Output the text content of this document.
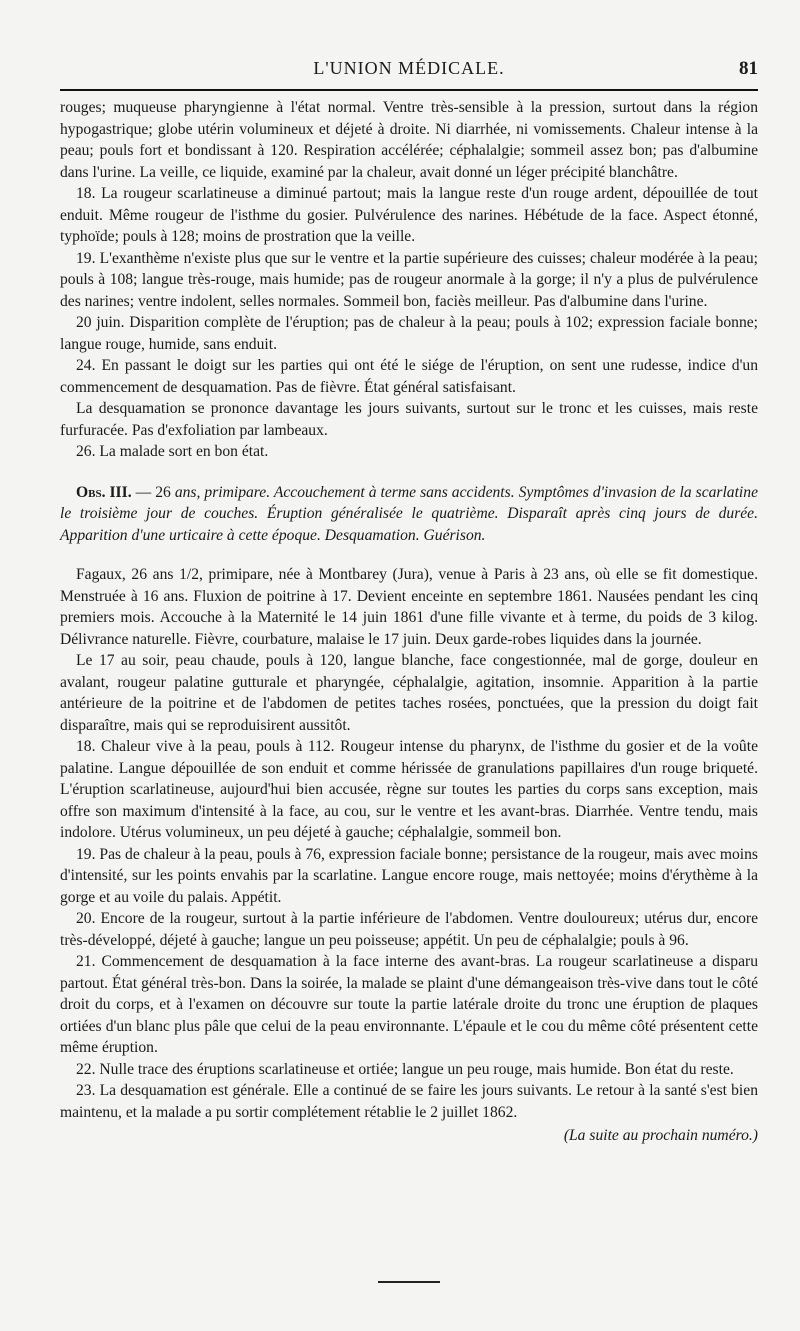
L'UNION MÉDICALE.	81

rouges; muqueuse pharyngienne à l'état normal. Ventre très-sensible à la pression, surtout dans la région hypogastrique; globe utérin volumineux et déjeté à droite. Ni diarrhée, ni vomissements. Chaleur intense à la peau; pouls fort et bondissant à 120. Respiration accélérée; céphalalgie; sommeil assez bon; pas d'albumine dans l'urine. La veille, ce liquide, examiné par la chaleur, avait donné un léger précipité blanchâtre.

18. La rougeur scarlatineuse a diminué partout; mais la langue reste d'un rouge ardent, dépouillée de tout enduit. Même rougeur de l'isthme du gosier. Pulvérulence des narines. Hébétude de la face. Aspect étonné, typhoïde; pouls à 128; moins de prostration que la veille.

19. L'exanthème n'existe plus que sur le ventre et la partie supérieure des cuisses; chaleur modérée à la peau; pouls à 108; langue très-rouge, mais humide; pas de rougeur anormale à la gorge; il n'y a plus de pulvérulence des narines; ventre indolent, selles normales. Sommeil bon, faciès meilleur. Pas d'albumine dans l'urine.

20 juin. Disparition complète de l'éruption; pas de chaleur à la peau; pouls à 102; expression faciale bonne; langue rouge, humide, sans enduit.

24. En passant le doigt sur les parties qui ont été le siége de l'éruption, on sent une rudesse, indice d'un commencement de desquamation. Pas de fièvre. État général satisfaisant.

La desquamation se prononce davantage les jours suivants, surtout sur le tronc et les cuisses, mais reste furfuracée. Pas d'exfoliation par lambeaux.

26. La malade sort en bon état.

Obs. III. — 26 ans, primipare. Accouchement à terme sans accidents. Symptômes d'invasion de la scarlatine le troisième jour de couches. Éruption généralisée le quatrième. Disparaît après cinq jours de durée. Apparition d'une urticaire à cette époque. Desquamation. Guérison.

Fagaux, 26 ans 1/2, primipare, née à Montbarey (Jura), venue à Paris à 23 ans, où elle se fit domestique. Menstruée à 16 ans. Fluxion de poitrine à 17. Devient enceinte en septembre 1861. Nausées pendant les cinq premiers mois. Accouche à la Maternité le 14 juin 1861 d'une fille vivante et à terme, du poids de 3 kilog. Délivrance naturelle. Fièvre, courbature, malaise le 17 juin. Deux garde-robes liquides dans la journée.

Le 17 au soir, peau chaude, pouls à 120, langue blanche, face congestionnée, mal de gorge, douleur en avalant, rougeur palatine gutturale et pharyngée, céphalalgie, agitation, insomnie. Apparition à la partie antérieure de la poitrine et de l'abdomen de petites taches rosées, ponctuées, que la pression du doigt fait disparaître, mais qui se reproduisirent aussitôt.

18. Chaleur vive à la peau, pouls à 112. Rougeur intense du pharynx, de l'isthme du gosier et de la voûte palatine. Langue dépouillée de son enduit et comme hérissée de granulations papillaires d'un rouge briqueté. L'éruption scarlatineuse, aujourd'hui bien accusée, règne sur toutes les parties du corps sans exception, mais offre son maximum d'intensité à la face, au cou, sur le ventre et les avant-bras. Diarrhée. Ventre tendu, mais indolore. Utérus volumineux, un peu déjeté à gauche; céphalalgie, sommeil bon.

19. Pas de chaleur à la peau, pouls à 76, expression faciale bonne; persistance de la rougeur, mais avec moins d'intensité, sur les points envahis par la scarlatine. Langue encore rouge, mais nettoyée; moins d'érythème à la gorge et au voile du palais. Appétit.

20. Encore de la rougeur, surtout à la partie inférieure de l'abdomen. Ventre douloureux; utérus dur, encore très-développé, déjeté à gauche; langue un peu poisseuse; appétit. Un peu de céphalalgie; pouls à 96.

21. Commencement de desquamation à la face interne des avant-bras. La rougeur scarlatineuse a disparu partout. État général très-bon. Dans la soirée, la malade se plaint d'une démangeaison très-vive dans tout le côté droit du corps, et à l'examen on découvre sur toute la partie latérale droite du tronc une éruption de plaques ortiées d'un blanc plus pâle que celui de la peau environnante. L'épaule et le cou du même côté présentent cette même éruption.

22. Nulle trace des éruptions scarlatineuse et ortiée; langue un peu rouge, mais humide. Bon état du reste.

23. La desquamation est générale. Elle a continué de se faire les jours suivants. Le retour à la santé s'est bien maintenu, et la malade a pu sortir complétement rétablie le 2 juillet 1862.

(La suite au prochain numéro.)
